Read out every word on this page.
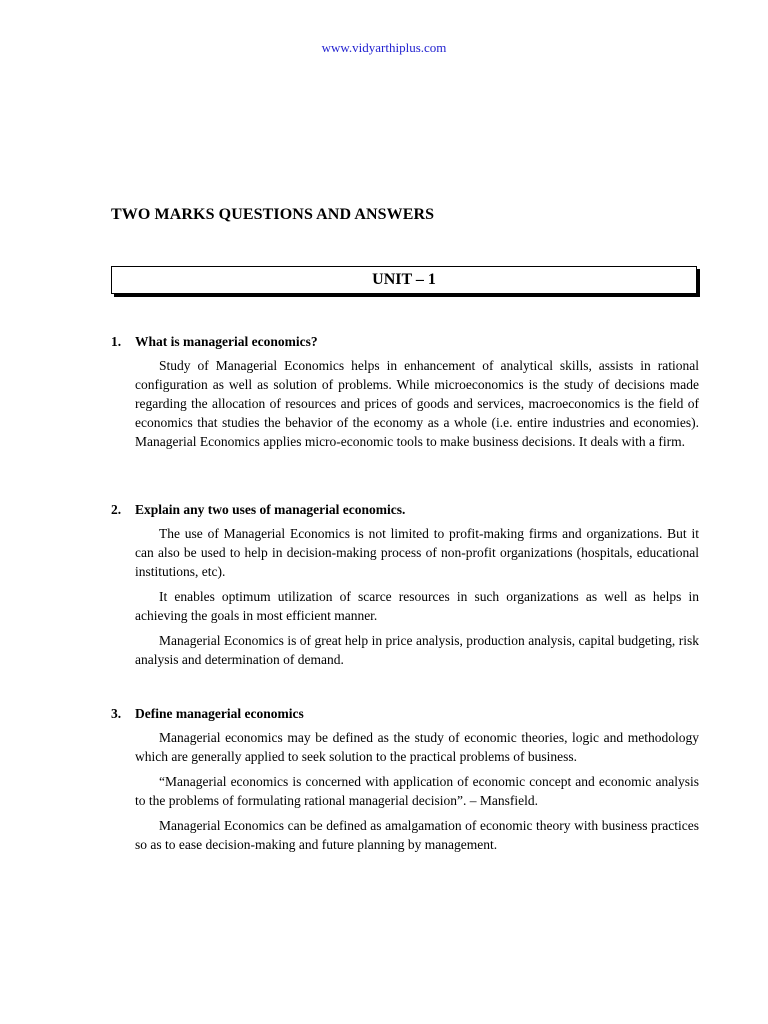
www.vidyarthiplus.com
TWO MARKS QUESTIONS AND ANSWERS
UNIT – 1
1.	What is managerial economics?

Study of Managerial Economics helps in enhancement of analytical skills, assists in rational configuration as well as solution of problems. While microeconomics is the study of decisions made regarding the allocation of resources and prices of goods and services, macroeconomics is the field of economics that studies the behavior of the economy as a whole (i.e. entire industries and economies). Managerial Economics applies micro-economic tools to make business decisions. It deals with a firm.

2.	Explain any two uses of managerial economics.

The use of Managerial Economics is not limited to profit-making firms and organizations. But it can also be used to help in decision-making process of non-profit organizations (hospitals, educational institutions, etc).

It enables optimum utilization of scarce resources in such organizations as well as helps in achieving the goals in most efficient manner.

Managerial Economics is of great help in price analysis, production analysis, capital budgeting, risk analysis and determination of demand.

3.	Define managerial economics

Managerial economics may be defined as the study of economic theories, logic and methodology which are generally applied to seek solution to the practical problems of business.

“Managerial economics is concerned with application of economic concept and economic analysis to the problems of formulating rational managerial decision”. – Mansfield.

Managerial Economics can be defined as amalgamation of economic theory with business practices so as to ease decision-making and future planning by management.
